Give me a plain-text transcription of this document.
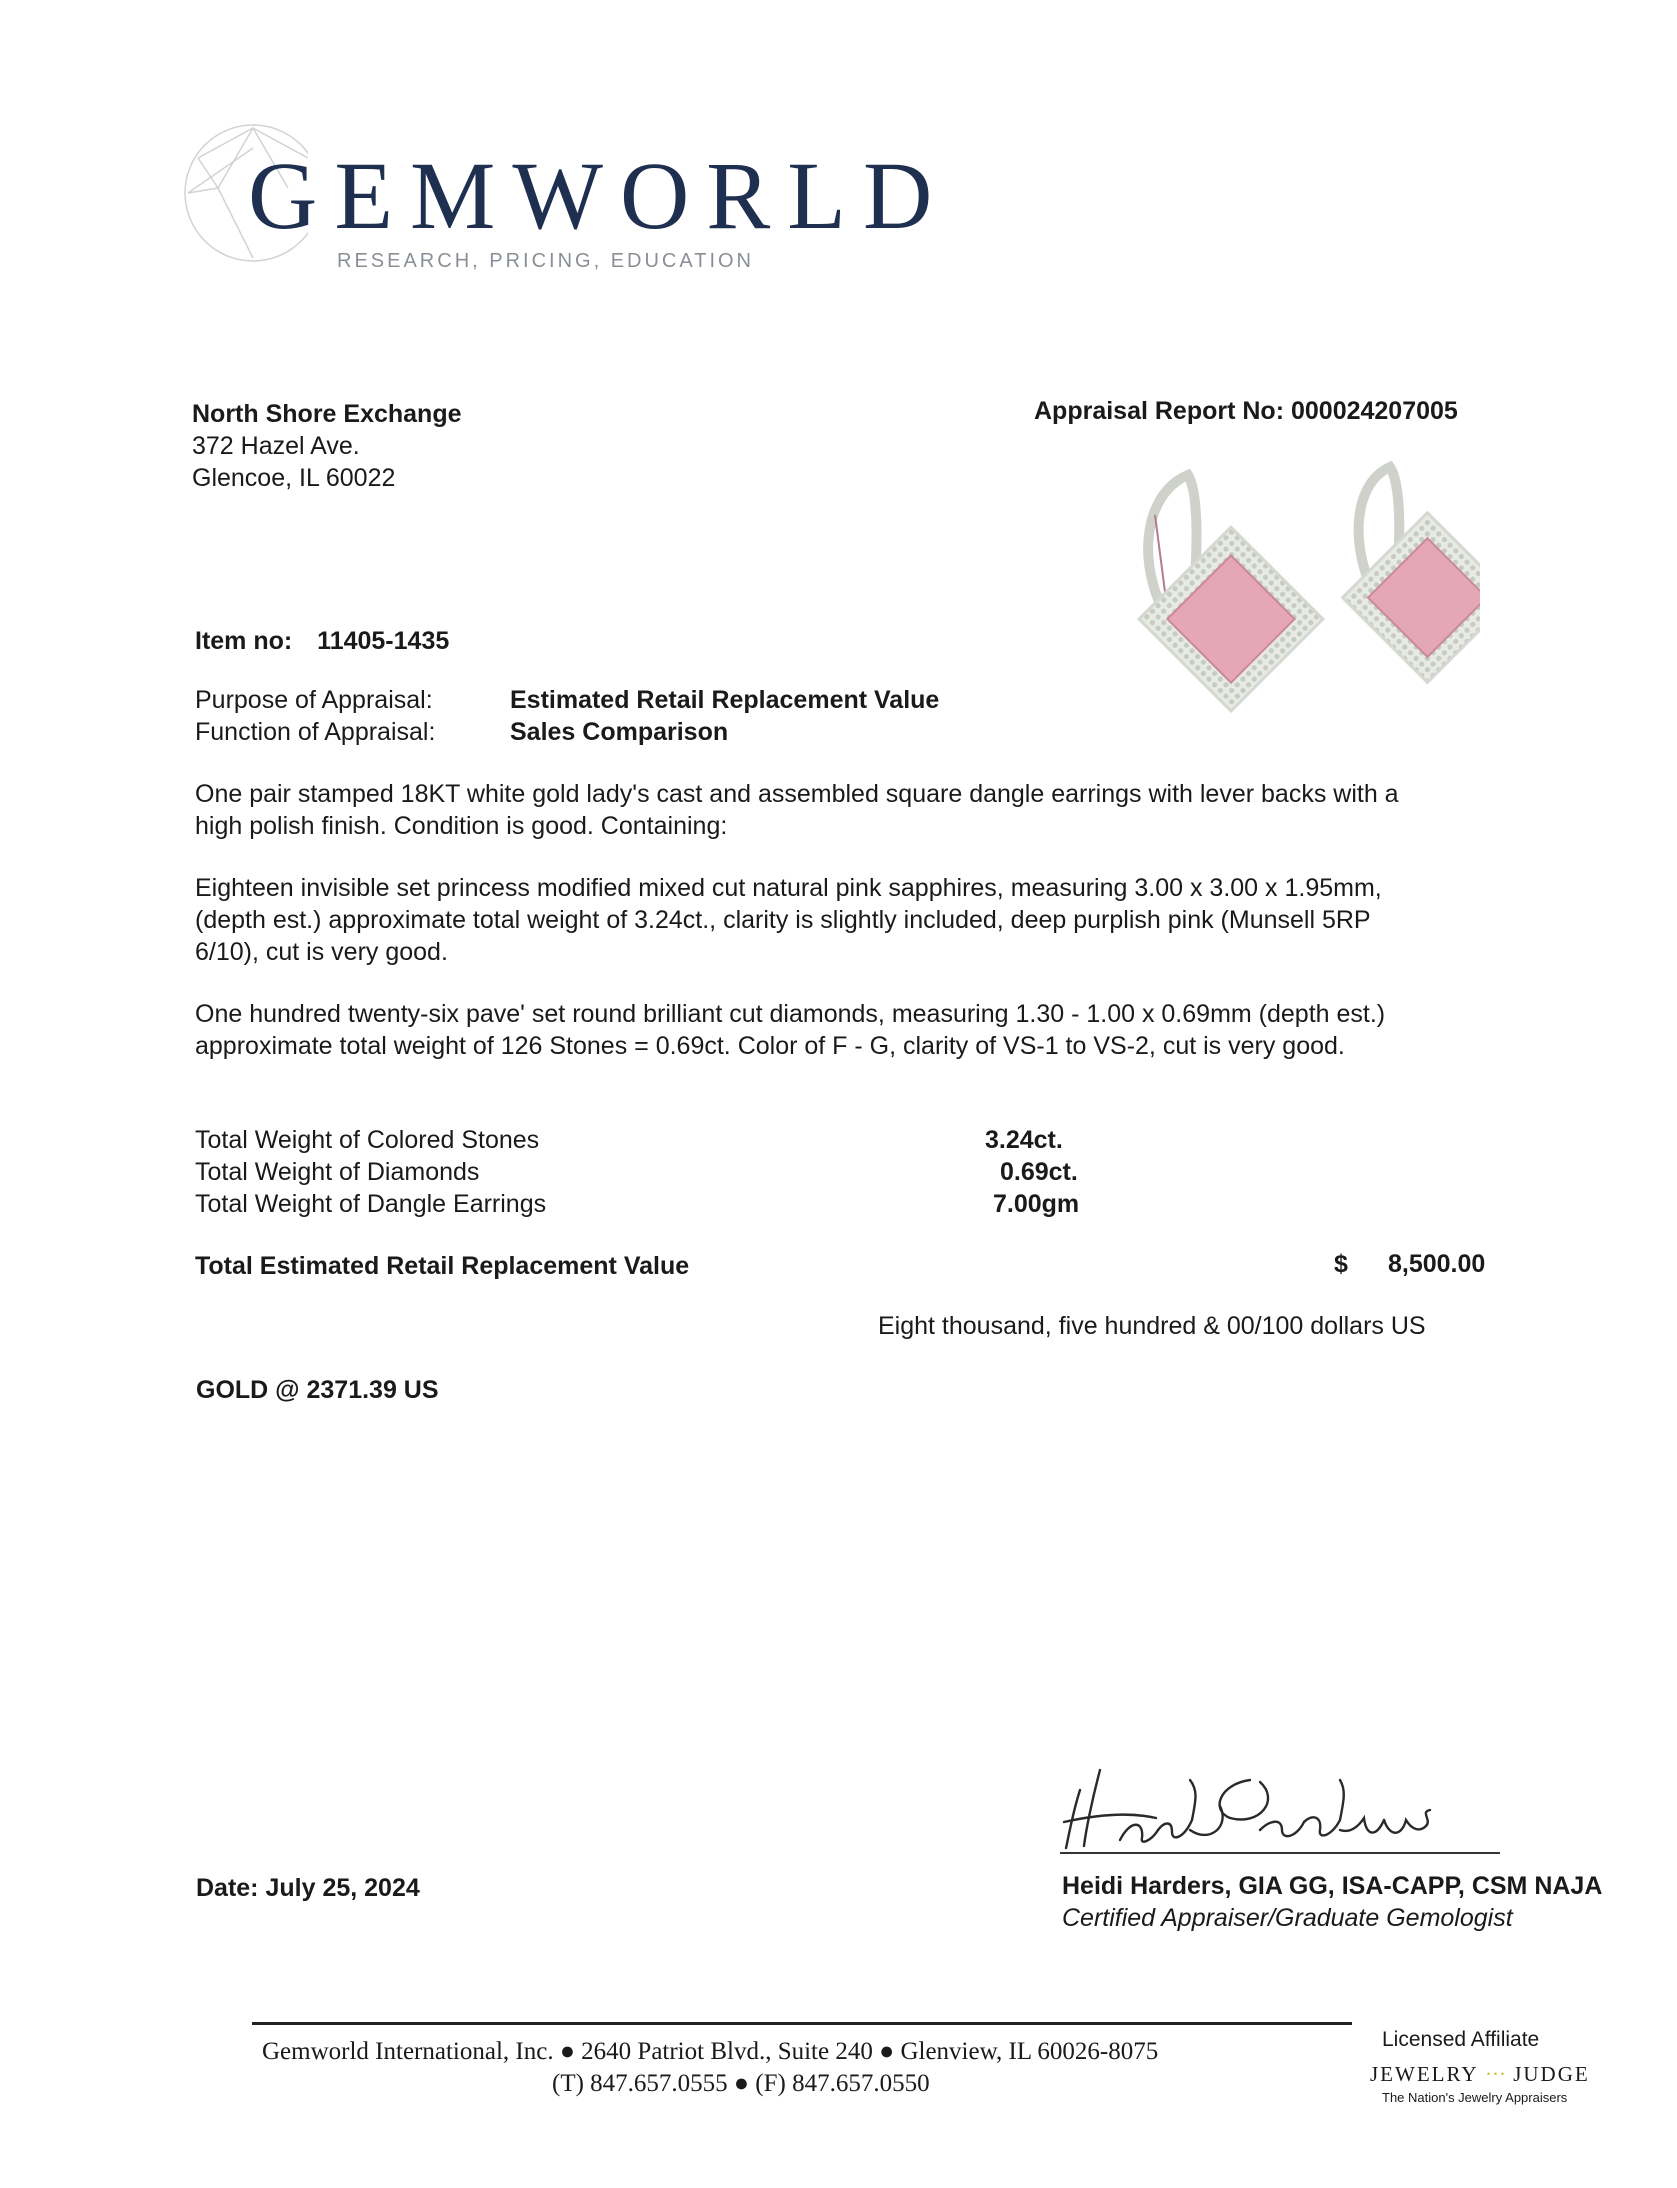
GEMWORLD
RESEARCH, PRICING, EDUCATION
North Shore Exchange
372 Hazel Ave.
Glencoe, IL 60022
Appraisal Report No: 000024207005
Item no: 11405-1435
Purpose of Appraisal:	Estimated Retail Replacement Value
Function of Appraisal:	Sales Comparison
One pair stamped 18KT white gold lady's cast and assembled square dangle earrings with lever backs with a high polish finish. Condition is good. Containing:
Eighteen invisible set princess modified mixed cut natural pink sapphires, measuring 3.00 x 3.00 x 1.95mm, (depth est.) approximate total weight of 3.24ct., clarity is slightly included, deep purplish pink (Munsell 5RP 6/10), cut is very good.
One hundred twenty-six pave' set round brilliant cut diamonds, measuring 1.30 - 1.00 x 0.69mm (depth est.) approximate total weight of 126 Stones = 0.69ct. Color of F - G, clarity of VS-1 to VS-2, cut is very good.
Total Weight of Colored Stones	3.24ct.
Total Weight of Diamonds	0.69ct.
Total Weight of Dangle Earrings	7.00gm
Total Estimated Retail Replacement Value	$ 8,500.00
Eight thousand, five hundred & 00/100 dollars US
GOLD @ 2371.39 US
Date: July 25, 2024	Heidi Harders, GIA GG, ISA-CAPP, CSM NAJA
Certified Appraiser/Graduate Gemologist
Gemworld International, Inc. ● 2640 Patriot Blvd., Suite 240 ● Glenview, IL 60026-8075
(T) 847.657.0555 ● (F) 847.657.0550
Licensed Affiliate
JEWELRY ··· JUDGE
The Nation's Jewelry Appraisers
